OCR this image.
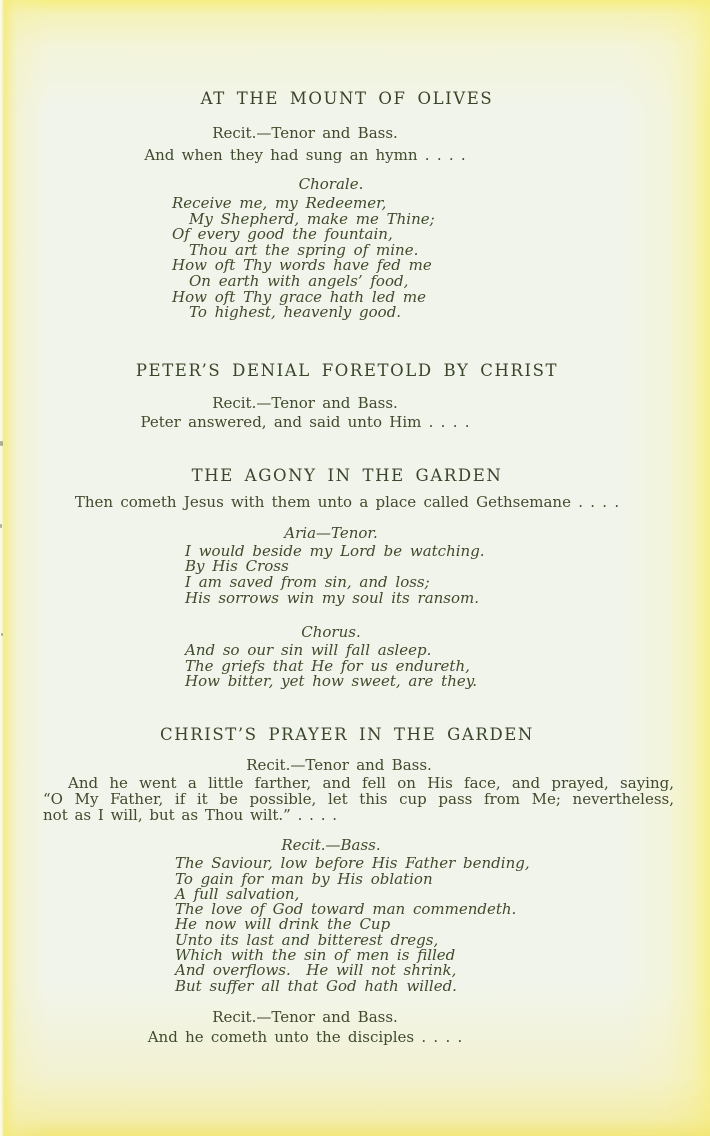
AT THE MOUNT OF OLIVES
Recit.—Tenor and Bass.
And when they had sung an hymn . . . .
Chorale.
Receive me, my Redeemer,
My Shepherd, make me Thine;
Of every good the fountain,
Thou art the spring of mine.
How oft Thy words have fed me
On earth with angels’ food,
How oft Thy grace hath led me
To highest, heavenly good.
PETER’S DENIAL FORETOLD BY CHRIST
Recit.—Tenor and Bass.
Peter answered, and said unto Him . . . .
THE AGONY IN THE GARDEN
Then cometh Jesus with them unto a place called Gethsemane . . . .
Aria—Tenor.
I would beside my Lord be watching.
By His Cross
I am saved from sin, and loss;
His sorrows win my soul its ransom.
Chorus.
And so our sin will fall asleep.
The griefs that He for us endureth,
How bitter, yet how sweet, are they.
CHRIST’S PRAYER IN THE GARDEN
Recit.—Tenor and Bass.
And he went a little farther, and fell on His face, and prayed, saying,
“O My Father, if it be possible, let this cup pass from Me; nevertheless,
not as I will, but as Thou wilt.” . . . .
Recit.—Bass.
The Saviour, low before His Father bending,
To gain for man by His oblation
A full salvation,
The love of God toward man commendeth.
He now will drink the Cup
Unto its last and bitterest dregs,
Which with the sin of men is filled
And overflows.  He will not shrink,
But suffer all that God hath willed.
Recit.—Tenor and Bass.
And he cometh unto the disciples . . . .
